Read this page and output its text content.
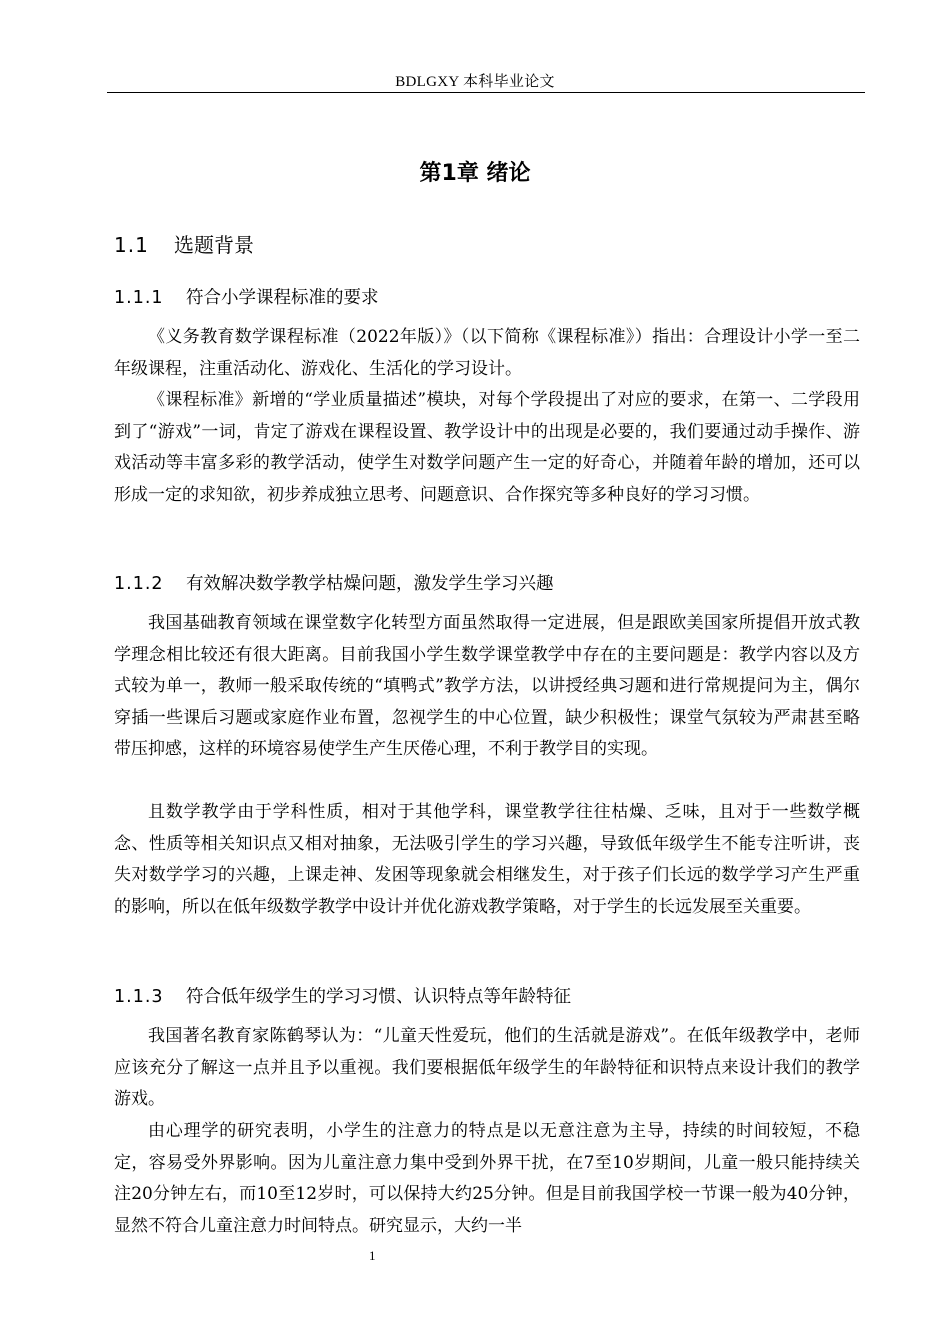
BDLGXY 本科毕业论文
第1章 绪论
1.1 选题背景
1.1.1 符合小学课程标准的要求

《义务教育数学课程标准（2022年版）》（以下简称《课程标准》）指出：合理设计小学一至二年级课程，注重活动化、游戏化、生活化的学习设计。

《课程标准》新增的“学业质量描述”模块，对每个学段提出了对应的要求，在第一、二学段用到了“游戏”一词，肯定了游戏在课程设置、教学设计中的出现是必要的，我们要通过动手操作、游戏活动等丰富多彩的教学活动，使学生对数学问题产生一定的好奇心，并随着年龄的增加，还可以形成一定的求知欲，初步养成独立思考、问题意识、合作探究等多种良好的学习习惯。

1.1.2 有效解决数学教学枯燥问题，激发学生学习兴趣

我国基础教育领域在课堂数字化转型方面虽然取得一定进展，但是跟欧美国家所提倡开放式教学理念相比较还有很大距离。目前我国小学生数学课堂教学中存在的主要问题是：教学内容以及方式较为单一，教师一般采取传统的“填鸭式”教学方法，以讲授经典习题和进行常规提问为主，偶尔穿插一些课后习题或家庭作业布置，忽视学生的中心位置，缺少积极性；课堂气氛较为严肃甚至略带压抑感，这样的环境容易使学生产生厌倦心理，不利于教学目的实现。

且数学教学由于学科性质，相对于其他学科，课堂教学往往枯燥、乏味，且对于一些数学概念、性质等相关知识点又相对抽象，无法吸引学生的学习兴趣，导致低年级学生不能专注听讲，丧失对数学学习的兴趣，上课走神、发困等现象就会相继发生，对于孩子们长远的数学学习产生严重的影响，所以在低年级数学教学中设计并优化游戏教学策略，对于学生的长远发展至关重要。

1.1.3 符合低年级学生的学习习惯、认识特点等年龄特征

我国著名教育家陈鹤琴认为：“儿童天性爱玩，他们的生活就是游戏”。在低年级教学中，老师应该充分了解这一点并且予以重视。我们要根据低年级学生的年龄特征和识特点来设计我们的教学游戏。

由心理学的研究表明，小学生的注意力的特点是以无意注意为主导，持续的时间较短，不稳定，容易受外界影响。因为儿童注意力集中受到外界干扰，在7至10岁期间，儿童一般只能持续关注20分钟左右，而10至12岁时，可以保持大约25分钟。但是目前我国学校一节课一般为40分钟，显然不符合儿童注意力时间特点。研究显示，大约一半

1
